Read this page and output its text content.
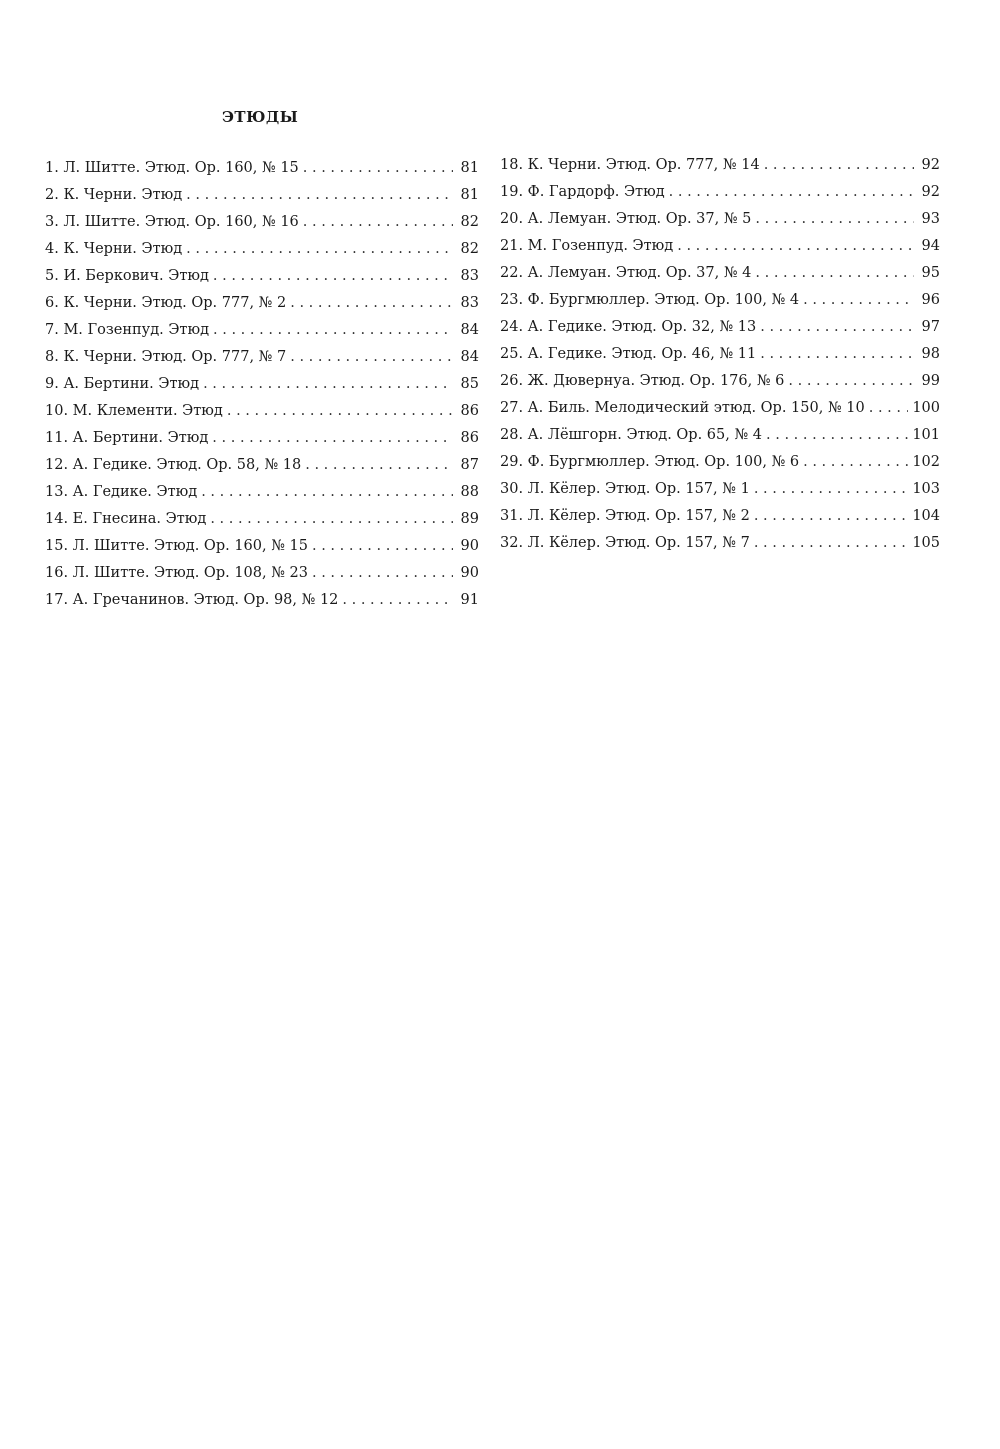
ЭТЮДЫ
1. Л. Шитте. Этюд. Ор. 160, № 15 . . .	81
2. К. Черни. Этюд . . .	81
3. Л. Шитте. Этюд. Ор. 160, № 16 . . .	82
4. К. Черни. Этюд . . .	82
5. И. Беркович. Этюд . . .	83
6. К. Черни. Этюд. Ор. 777, № 2 . . .	83
7. М. Гозенпуд. Этюд . . .	84
8. К. Черни. Этюд. Ор. 777, № 7 . . .	84
9. А. Бертини. Этюд . . .	85
10. М. Клементи. Этюд . . .	86
11. А. Бертини. Этюд . . .	86
12. А. Гедике. Этюд. Ор. 58, № 18 . . .	87
13. А. Гедике. Этюд . . .	88
14. Е. Гнесина. Этюд . . .	89
15. Л. Шитте. Этюд. Ор. 160, № 15 . . .	90
16. Л. Шитте. Этюд. Ор. 108, № 23 . . .	90
17. А. Гречанинов. Этюд. Ор. 98, № 12 . . .	91
18. К. Черни. Этюд. Ор. 777, № 14 . . .	92
19. Ф. Гардорф. Этюд . . .	92
20. А. Лемуан. Этюд. Ор. 37, № 5 . . .	93
21. М. Гозенпуд. Этюд . . .	94
22. А. Лемуан. Этюд. Ор. 37, № 4 . . .	95
23. Ф. Бургмюллер. Этюд. Ор. 100, № 4 . . .	96
24. А. Гедике. Этюд. Ор. 32, № 13 . . .	97
25. А. Гедике. Этюд. Ор. 46, № 11 . . .	98
26. Ж. Дювернуа. Этюд. Ор. 176, № 6 . . .	99
27. А. Биль. Мелодический этюд. Ор. 150, № 10 . . .	100
28. А. Лёшгорн. Этюд. Ор. 65, № 4 . . .	101
29. Ф. Бургмюллер. Этюд. Ор. 100, № 6 . . .	102
30. Л. Кёлер. Этюд. Ор. 157, № 1 . . .	103
31. Л. Кёлер. Этюд. Ор. 157, № 2 . . .	104
32. Л. Кёлер. Этюд. Ор. 157, № 7 . . .	105
